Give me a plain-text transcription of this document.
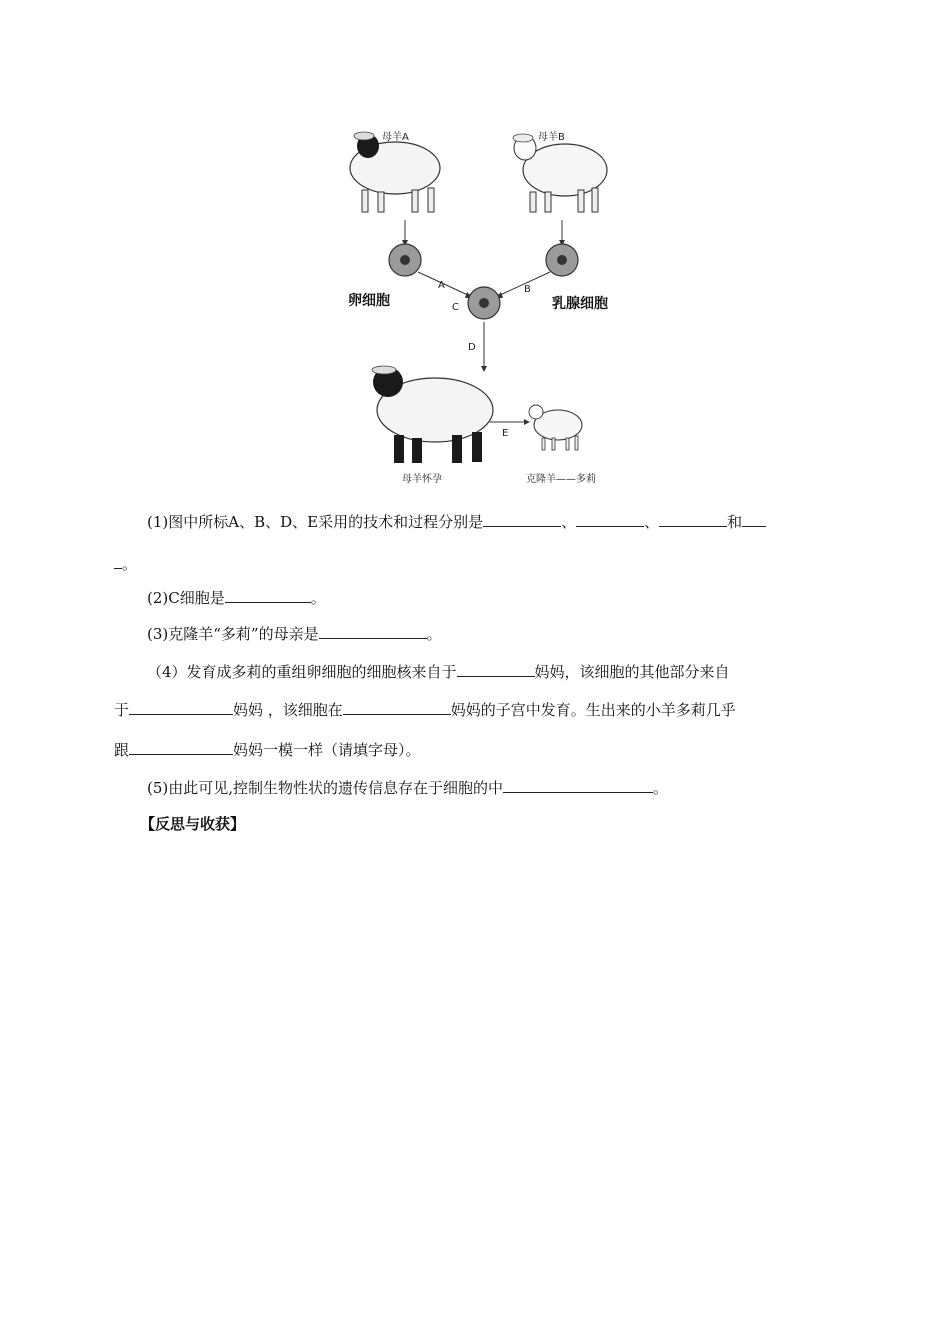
母羊A	母羊B
卵细胞	乳腺细胞
A	B
C
D
母羊怀孕
E
克隆羊——多莉
(1)图中所标A、B、D、E采用的技术和过程分别是	、	、	和
。
(2)C细胞是	。
(3)克隆羊“多莉”的母亲是	。
（4）发育成多莉的重组卵细胞的细胞核来自于	妈妈，该细胞的其他部分来自
于	妈妈 ，该细胞在	妈妈的子宫中发育。生出来的小羊多莉几乎
跟	妈妈一模一样（请填字母）。
(5)由此可见,控制生物性状的遗传信息存在于细胞的中	。
【反思与收获】
